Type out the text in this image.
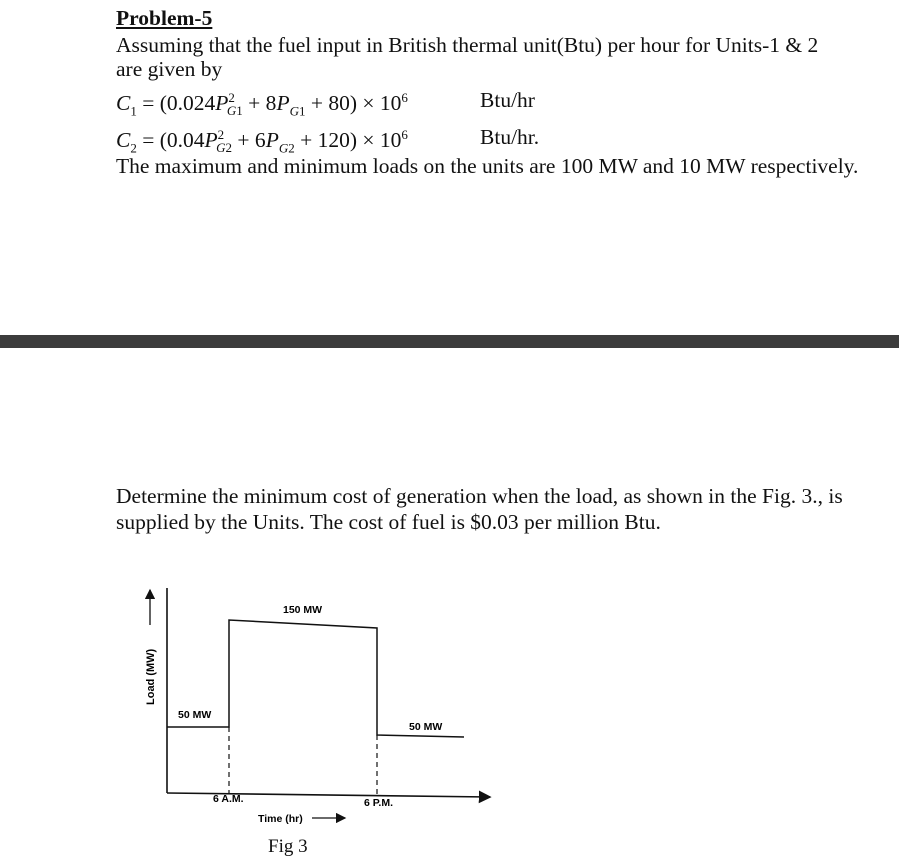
Problem-5
Assuming that the fuel input in British thermal unit(Btu) per hour for Units-1 & 2
are given by
$C_1 = (0.024P^2_{G1} + 8P_{G1} + 80) \times 10^6$	Btu/hr
$C_2 = (0.04P^2_{G2} + 6P_{G2} + 120) \times 10^6$	Btu/hr.
The maximum and minimum loads on the units are 100 MW and 10 MW respectively.
Determine the minimum cost of generation when the load, as shown in the Fig. 3., is
supplied by the Units. The cost of fuel is $0.03 per million Btu.
Load (MW)
150 MW
50 MW
50 MW
6 A.M.	6 P.M.
Time (hr)
Fig 3
